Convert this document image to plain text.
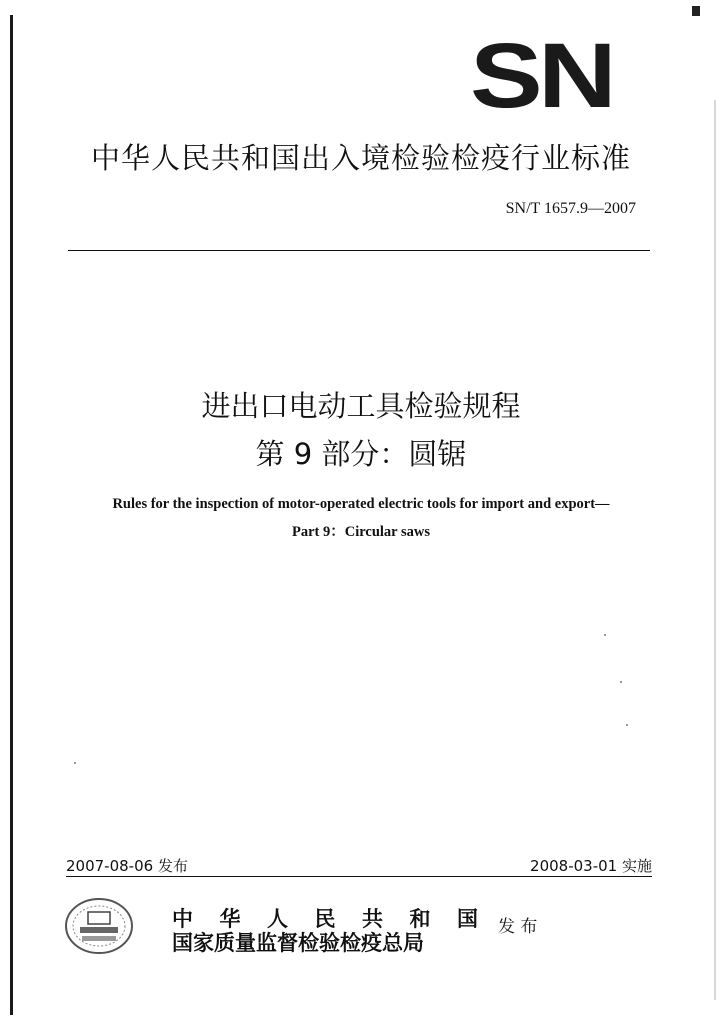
SN
中华人民共和国出入境检验检疫行业标准
SN/T 1657.9—2007
进出口电动工具检验规程
第 9 部分：圆锯
Rules for the inspection of motor-operated electric tools for import and export—
Part 9：Circular saws
2007-08-06 发布	2008-03-01 实施
中 华 人 民 共 和 国
国家质量监督检验检疫总局
发 布
